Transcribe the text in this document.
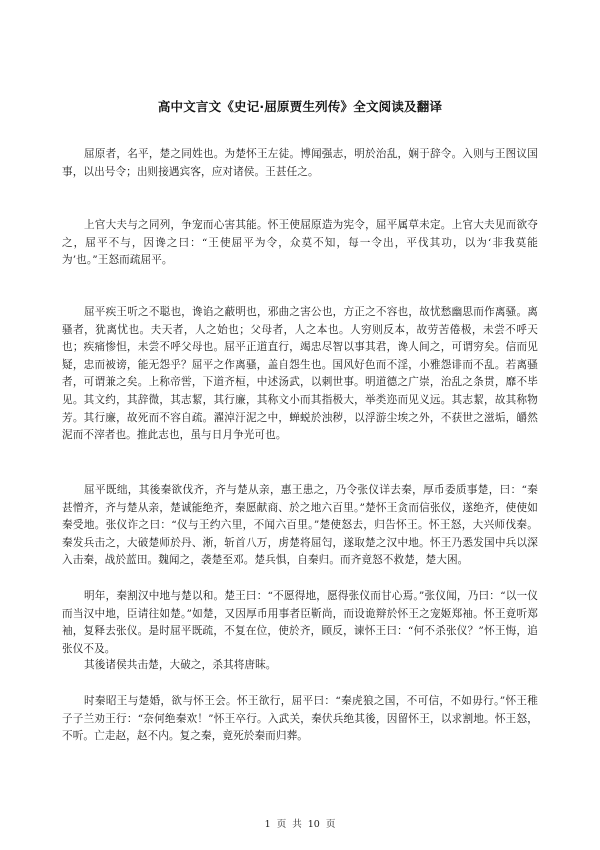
高中文言文《史记·屈原贾生列传》全文阅读及翻译

屈原者，名平，楚之同姓也。为楚怀王左徒。博闻强志，明於治乱，娴于辞令。入则与王图议国事，以出号令；出则接遇宾客，应对诸侯。王甚任之。

上官大夫与之同列，争宠而心害其能。怀王使屈原造为宪令，屈平属草未定。上官大夫见而欲夺之，屈平不与，因谗之曰：“王使屈平为令，众莫不知，每一令出，平伐其功，以为‘非我莫能为’也。”王怒而疏屈平。

屈平疾王听之不聪也，谗谄之蔽明也，邪曲之害公也，方正之不容也，故忧愁幽思而作离骚。离骚者，犹离忧也。夫天者，人之始也；父母者，人之本也。人穷则反本，故劳苦倦极，未尝不呼天也；疾痛惨怛，未尝不呼父母也。屈平正道直行，竭忠尽智以事其君，谗人间之，可谓穷矣。信而见疑，忠而被谤，能无怨乎？屈平之作离骚，盖自怨生也。国风好色而不淫，小雅怨诽而不乱。若离骚者，可谓兼之矣。上称帝喾，下道齐桓，中述汤武，以刺世事。明道德之广崇，治乱之条贯，靡不毕见。其文约，其辞微，其志絜，其行廉，其称文小而其指极大，举类迩而见义远。其志絜，故其称物芳。其行廉，故死而不容自疏。濯淖汙泥之中，蝉蜕於浊秽，以浮游尘埃之外，不获世之滋垢，皭然泥而不滓者也。推此志也，虽与日月争光可也。

屈平既绌，其後秦欲伐齐，齐与楚从亲，惠王患之，乃令张仪详去秦，厚币委质事楚，曰：“秦甚憎齐，齐与楚从亲，楚诚能绝齐，秦愿献商、於之地六百里。”楚怀王贪而信张仪，遂绝齐，使使如秦受地。张仪诈之曰：“仪与王约六里，不闻六百里。”楚使怒去，归告怀王。怀王怒，大兴师伐秦。秦发兵击之，大破楚师於丹、淅，斩首八万，虏楚将屈匄，遂取楚之汉中地。怀王乃悉发国中兵以深入击秦，战於蓝田。魏闻之，袭楚至邓。楚兵惧，自秦归。而齐竟怒不救楚，楚大困。

明年，秦割汉中地与楚以和。楚王曰：“不愿得地，愿得张仪而甘心焉。”张仪闻，乃曰：“以一仪而当汉中地，臣请往如楚。”如楚，又因厚币用事者臣靳尚，而设诡辩於怀王之宠姬郑袖。怀王竟听郑袖，复释去张仪。是时屈平既疏，不复在位，使於齐，顾反，谏怀王曰：“何不杀张仪？”怀王悔，追张仪不及。

其後诸侯共击楚，大破之，杀其将唐眜。

时秦昭王与楚婚，欲与怀王会。怀王欲行，屈平曰：“秦虎狼之国，不可信，不如毋行。”怀王稚子子兰劝王行：“奈何绝秦欢！”怀王卒行。入武关，秦伏兵绝其後，因留怀王，以求割地。怀王怒，不听。亡走赵，赵不内。复之秦，竟死於秦而归葬。

1 页 共 10 页
